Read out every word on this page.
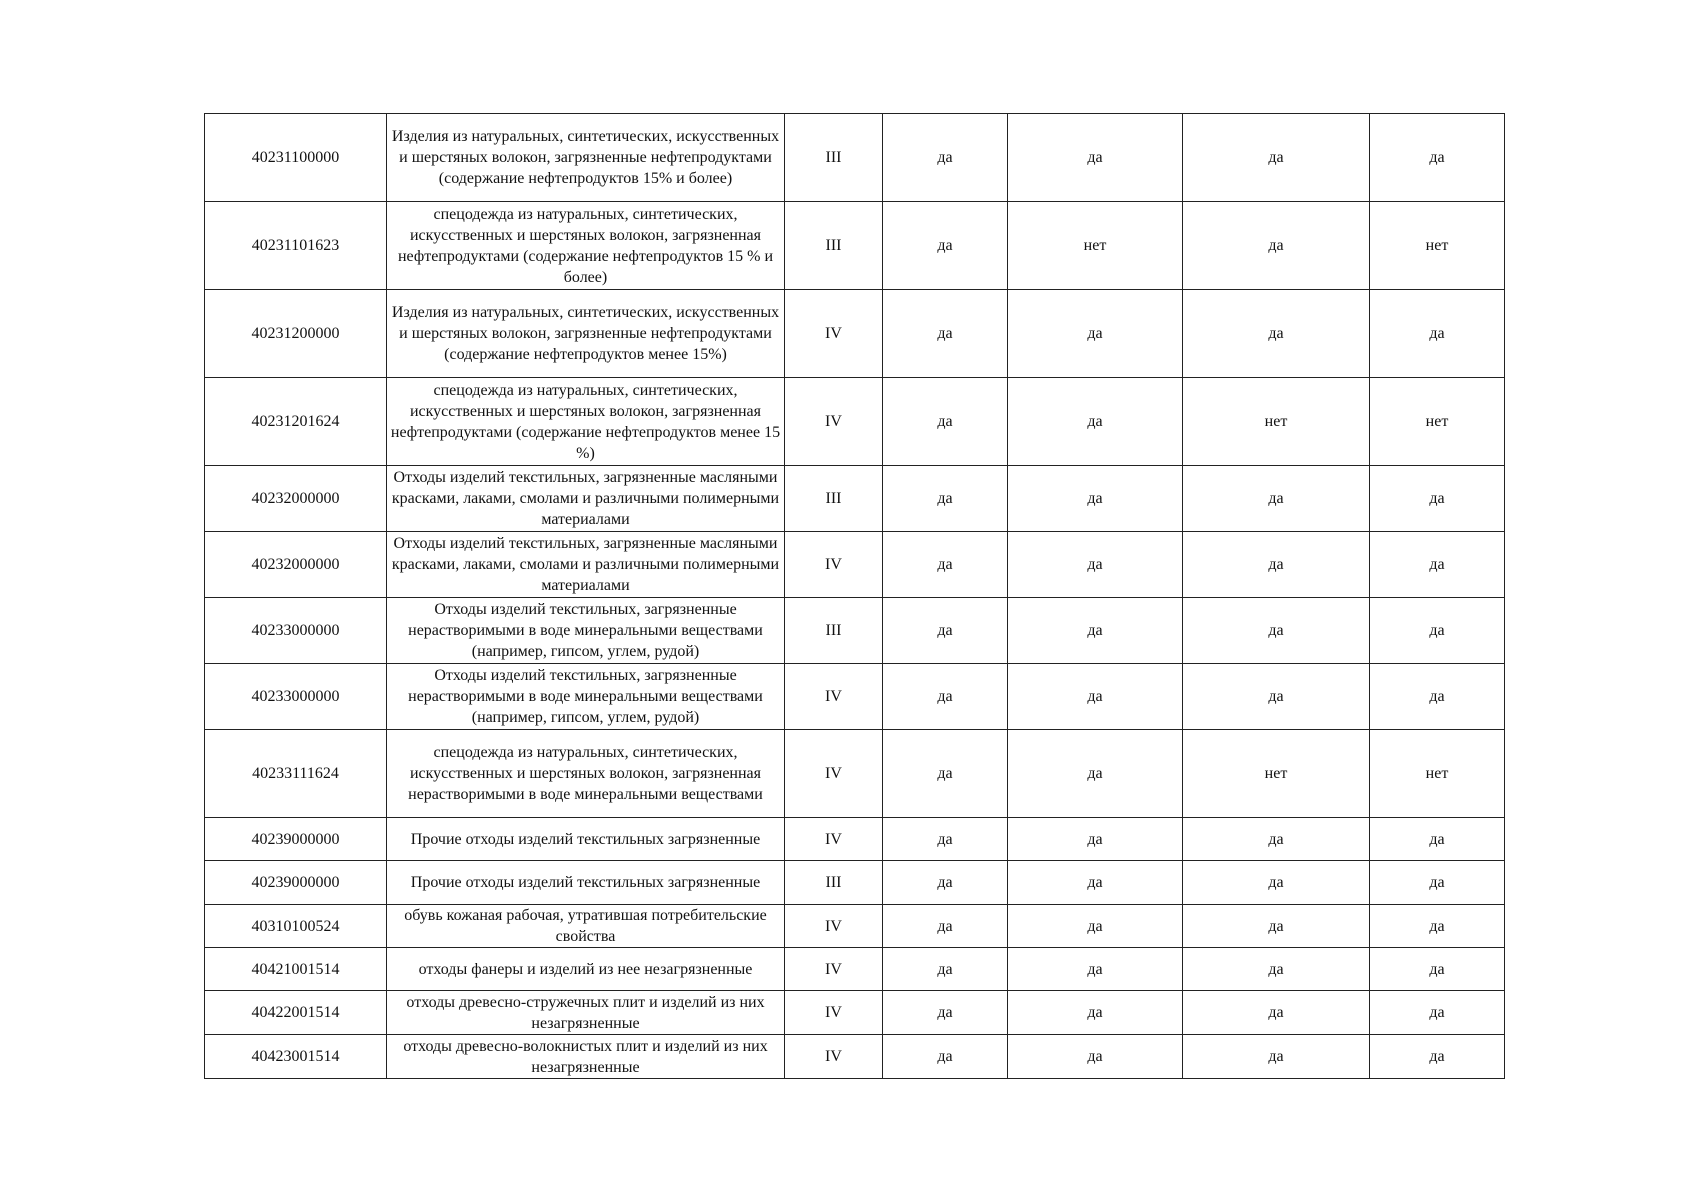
40231100000	Изделия из натуральных, синтетических, искусственных и шерстяных волокон, загрязненные нефтепродуктами (содержание нефтепродуктов 15% и более)	III	да	да	да	да
40231101623	спецодежда из натуральных, синтетических, искусственных и шерстяных волокон, загрязненная нефтепродуктами (содержание нефтепродуктов 15 % и более)	III	да	нет	да	нет
40231200000	Изделия из натуральных, синтетических, искусственных и шерстяных волокон, загрязненные нефтепродуктами (содержание нефтепродуктов менее 15%)	IV	да	да	да	да
40231201624	спецодежда из натуральных, синтетических, искусственных и шерстяных волокон, загрязненная нефтепродуктами (содержание нефтепродуктов менее 15 %)	IV	да	да	нет	нет
40232000000	Отходы изделий текстильных, загрязненные масляными красками, лаками, смолами и различными полимерными материалами	III	да	да	да	да
40232000000	Отходы изделий текстильных, загрязненные масляными красками, лаками, смолами и различными полимерными материалами	IV	да	да	да	да
40233000000	Отходы изделий текстильных, загрязненные нерастворимыми в воде минеральными веществами (например, гипсом, углем, рудой)	III	да	да	да	да
40233000000	Отходы изделий текстильных, загрязненные нерастворимыми в воде минеральными веществами (например, гипсом, углем, рудой)	IV	да	да	да	да
40233111624	спецодежда из натуральных, синтетических, искусственных и шерстяных волокон, загрязненная нерастворимыми в воде минеральными веществами	IV	да	да	нет	нет
40239000000	Прочие отходы изделий текстильных загрязненные	IV	да	да	да	да
40239000000	Прочие отходы изделий текстильных загрязненные	III	да	да	да	да
40310100524	обувь кожаная рабочая, утратившая потребительские свойства	IV	да	да	да	да
40421001514	отходы фанеры и изделий из нее незагрязненные	IV	да	да	да	да
40422001514	отходы древесно-стружечных плит и изделий из них незагрязненные	IV	да	да	да	да
40423001514	отходы древесно-волокнистых плит и изделий из них незагрязненные	IV	да	да	да	да
